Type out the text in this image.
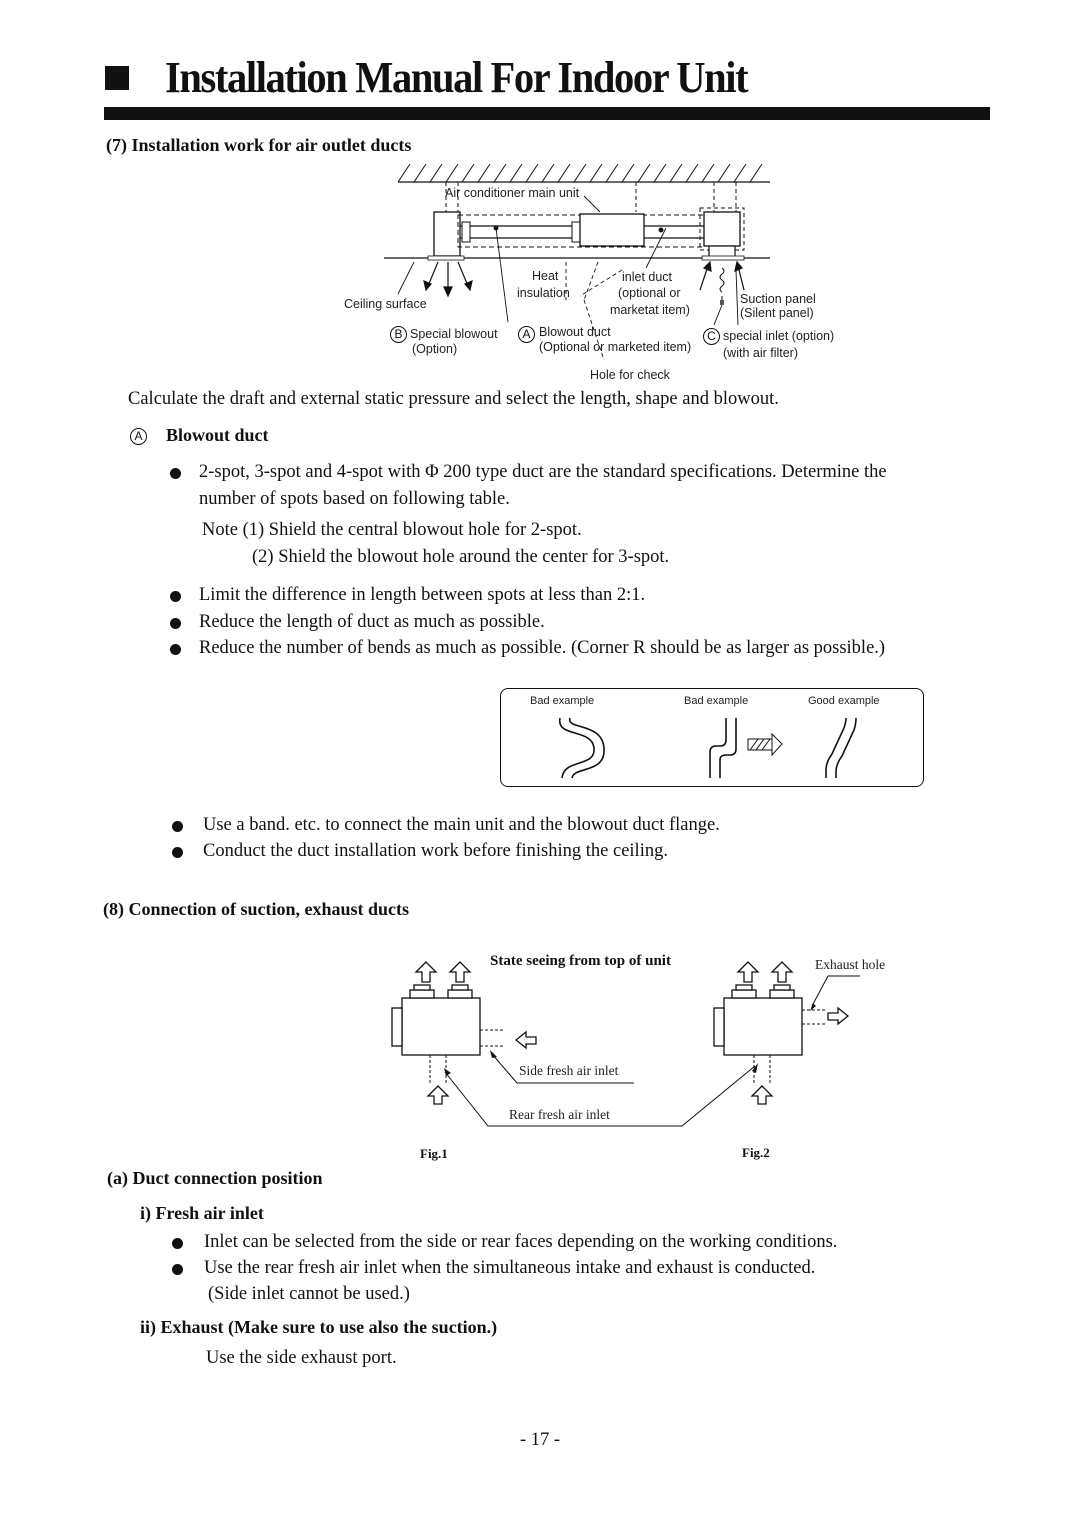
Installation Manual For Indoor Unit
(7) Installation work for air outlet ducts
Air conditioner main unit
Ceiling surface
Heat
insulation
inlet duct
(optional or
marketat item)
Suction panel
(Silent panel)
B Special blowout
(Option)
A Blowout duct
(Optional or marketed item)
C special inlet (option)
(with air filter)
Hole for check
Calculate the draft and external static pressure and select the length, shape and blowout.
A Blowout duct
2-spot, 3-spot and 4-spot with Φ 200 type duct are the standard specifications. Determine the
number of spots based on following table.
Note (1) Shield the central blowout hole for 2-spot.
(2) Shield the blowout hole around the center for 3-spot.
Limit the difference in length between spots at less than 2:1.
Reduce the length of duct as much as possible.
Reduce the number of bends as much as possible. (Corner R should be as larger as possible.)
Bad example	Bad example	Good example
Use a band. etc. to connect the main unit and the blowout duct flange.
Conduct the duct installation work before finishing the ceiling.
(8) Connection of suction, exhaust ducts
State seeing from top of unit	Exhaust hole
Side fresh air inlet
Rear fresh air inlet
Fig.1	Fig.2
(a) Duct connection position
i) Fresh air inlet
Inlet can be selected from the side or rear faces depending on the working conditions.
Use the rear fresh air inlet when the simultaneous intake and exhaust is conducted.
(Side inlet cannot be used.)
ii) Exhaust (Make sure to use also the suction.)
Use the side exhaust port.
- 17 -
